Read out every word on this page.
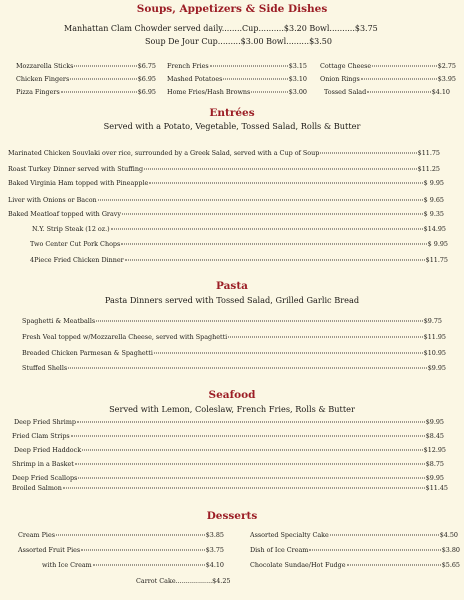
Soups, Appetizers & Side Dishes
Manhattan Clam Chowder served daily........Cup..........$3.20 Bowl..........$3.75
Soup De Jour Cup.........$3.00 Bowl.........$3.50
Mozzarella Sticks	$6.75
Chicken Fingers	$6.95
Pizza Fingers	$6.95
French Fries	$3.15
Mashed Potatoes	$3.10
Home Fries/Hash Browns	$3.00
Cottage Cheese	$2.75
Onion Rings	$3.95
Tossed Salad	$4.10
Entrées
Served with a Potato, Vegetable, Tossed Salad, Rolls & Butter
Marinated Chicken Souvlaki over rice, surrounded by a Greek Salad, served with a Cup of Soup	$11.75
Roast Turkey Dinner served with Stuffing	$11.25
Baked Virginia Ham topped with Pineapple	$ 9.95
Liver with Onions or Bacon	$ 9.65
Baked Meatloaf topped with Gravy	$ 9.35
N.Y. Strip Steak (12 oz.)	$14.95
Two Center Cut Pork Chops	$ 9.95
4Piece Fried Chicken Dinner	$11.75
Pasta
Pasta Dinners served with Tossed Salad, Grilled Garlic Bread
Spaghetti & Meatballs	$9.75
Fresh Veal topped w/Mozzarella Cheese, served with Spaghetti	$11.95
Breaded Chicken Parmesan & Spaghetti	$10.95
Stuffed Shells	$9.95
Seafood
Served with Lemon, Coleslaw, French Fries, Rolls & Butter
Deep Fried Shrimp	$9.95
Fried Clam Strips	$8.45
Deep Fried Haddock	$12.95
Shrimp in a Basket	$8.75
Deep Fried Scallops	$9.95
Broiled Salmon	$11.45
Desserts
Cream Pies	$3.85
Assorted Fruit Pies	$3.75
with Ice Cream	$4.10
Assorted Specialty Cake	$4.50
Dish of Ice Cream	$3.80
Chocolate Sundae/Hot Fudge	$5.65
Carrot Cake..................$4.25
